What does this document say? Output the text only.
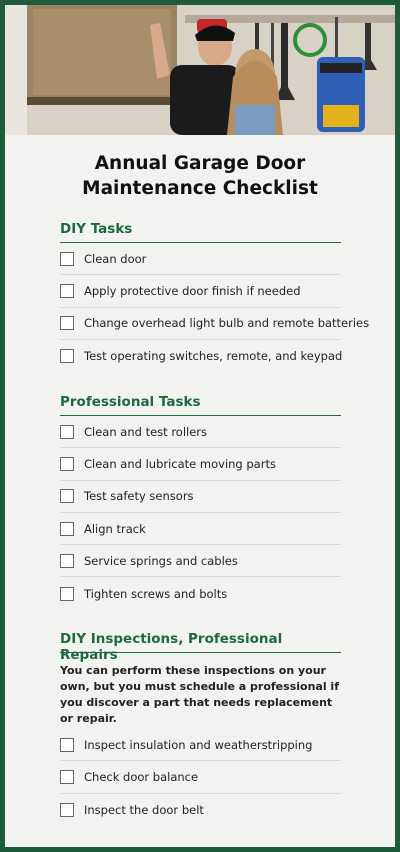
Annual Garage Door
Maintenance Checklist
DIY Tasks
Clean door
Apply protective door finish if needed
Change overhead light bulb and remote batteries
Test operating switches, remote, and keypad
Professional Tasks
Clean and test rollers
Clean and lubricate moving parts
Test safety sensors
Align track
Service springs and cables
Tighten screws and bolts
DIY Inspections, Professional Repairs

You can perform these inspections on your own, but you must schedule a professional if you discover a part that needs replacement or repair.

Inspect insulation and weatherstripping
Check door balance
Inspect the door belt
